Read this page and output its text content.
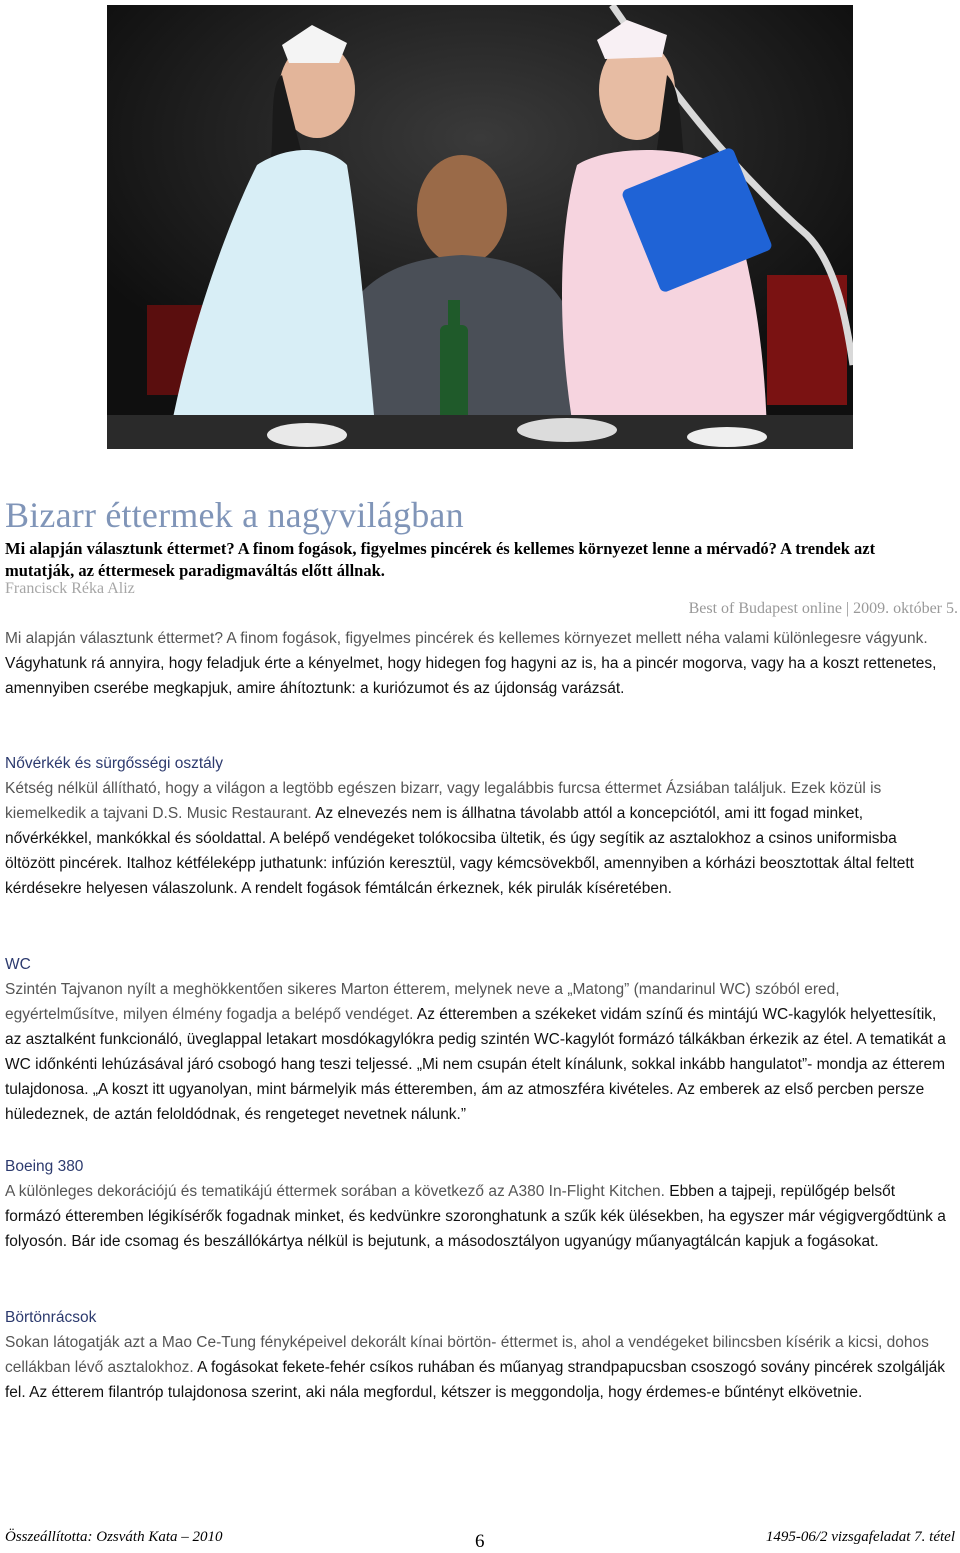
Bizarr éttermek a nagyvilágban

Mi alapján választunk éttermet? A finom fogások, figyelmes pincérek és kellemes környezet lenne a mérvadó? A trendek azt mutatják, az éttermesek paradigmaváltás előtt állnak.

Francisck Réka Aliz

Best of Budapest online | 2009. október 5.

Mi alapján választunk éttermet? A finom fogások, figyelmes pincérek és kellemes környezet mellett néha valami különlegesre vágyunk. Vágyhatunk rá annyira, hogy feladjuk érte a kényelmet, hogy hidegen fog hagyni az is, ha a pincér mogorva, vagy ha a koszt rettenetes, amennyiben cserébe megkapjuk, amire áhítoztunk: a kuriózumot és az újdonság varázsát.

Nővérkék és sürgősségi osztály

Kétség nélkül állítható, hogy a világon a legtöbb egészen bizarr, vagy legalábbis furcsa éttermet Ázsiában találjuk. Ezek közül is kiemelkedik a tajvani D.S. Music Restaurant. Az elnevezés nem is állhatna távolabb attól a koncepciótól, ami itt fogad minket, nővérkékkel, mankókkal és sóoldattal. A belépő vendégeket tolókocsiba ültetik, és úgy segítik az asztalokhoz a csinos uniformisba öltözött pincérek. Italhoz kétféleképp juthatunk: infúzión keresztül, vagy kémcsövekből, amennyiben a kórházi beosztottak által feltett kérdésekre helyesen válaszolunk. A rendelt fogások fémtálcán érkeznek, kék pirulák kíséretében.

WC

Szintén Tajvanon nyílt a meghökkentően sikeres Marton étterem, melynek neve a „Matong” (mandarinul WC) szóból ered, egyértelműsítve, milyen élmény fogadja a belépő vendéget. Az étteremben a székeket vidám színű és mintájú WC-kagylók helyettesítik, az asztalként funkcionáló, üveglappal letakart mosdókagylókra pedig szintén WC-kagylót formázó tálkákban érkezik az étel. A tematikát a WC időnkénti lehúzásával járó csobogó hang teszi teljessé. „Mi nem csupán ételt kínálunk, sokkal inkább hangulatot”- mondja az étterem tulajdonosa. „A koszt itt ugyanolyan, mint bármelyik más étteremben, ám az atmoszféra kivételes. Az emberek az első percben persze hüledeznek, de aztán feloldódnak, és rengeteget nevetnek nálunk.”

Boeing 380

A különleges dekorációjú és tematikájú éttermek sorában a következő az A380 In-Flight Kitchen. Ebben a tajpeji, repülőgép belsőt formázó étteremben légikísérők fogadnak minket, és kedvünkre szoronghatunk a szűk kék ülésekben, ha egyszer már végigvergődtünk a folyosón. Bár ide csomag és beszállókártya nélkül is bejutunk, a másodosztályon ugyanúgy műanyagtálcán kapjuk a fogásokat.

Börtönrácsok

Sokan látogatják azt a Mao Ce-Tung fényképeivel dekorált kínai börtön- éttermet is, ahol a vendégeket bilincsben kísérik a kicsi, dohos cellákban lévő asztalokhoz. A fogásokat fekete-fehér csíkos ruhában és műanyag strandpapucsban csoszogó sovány pincérek szolgálják fel. Az étterem filantróp tulajdonosa szerint, aki nála megfordul, kétszer is meggondolja, hogy érdemes-e bűntényt elkövetnie.

Összeállította: Ozsváth Kata – 2010	6	1495-06/2 vizsgafeladat 7. tétel
